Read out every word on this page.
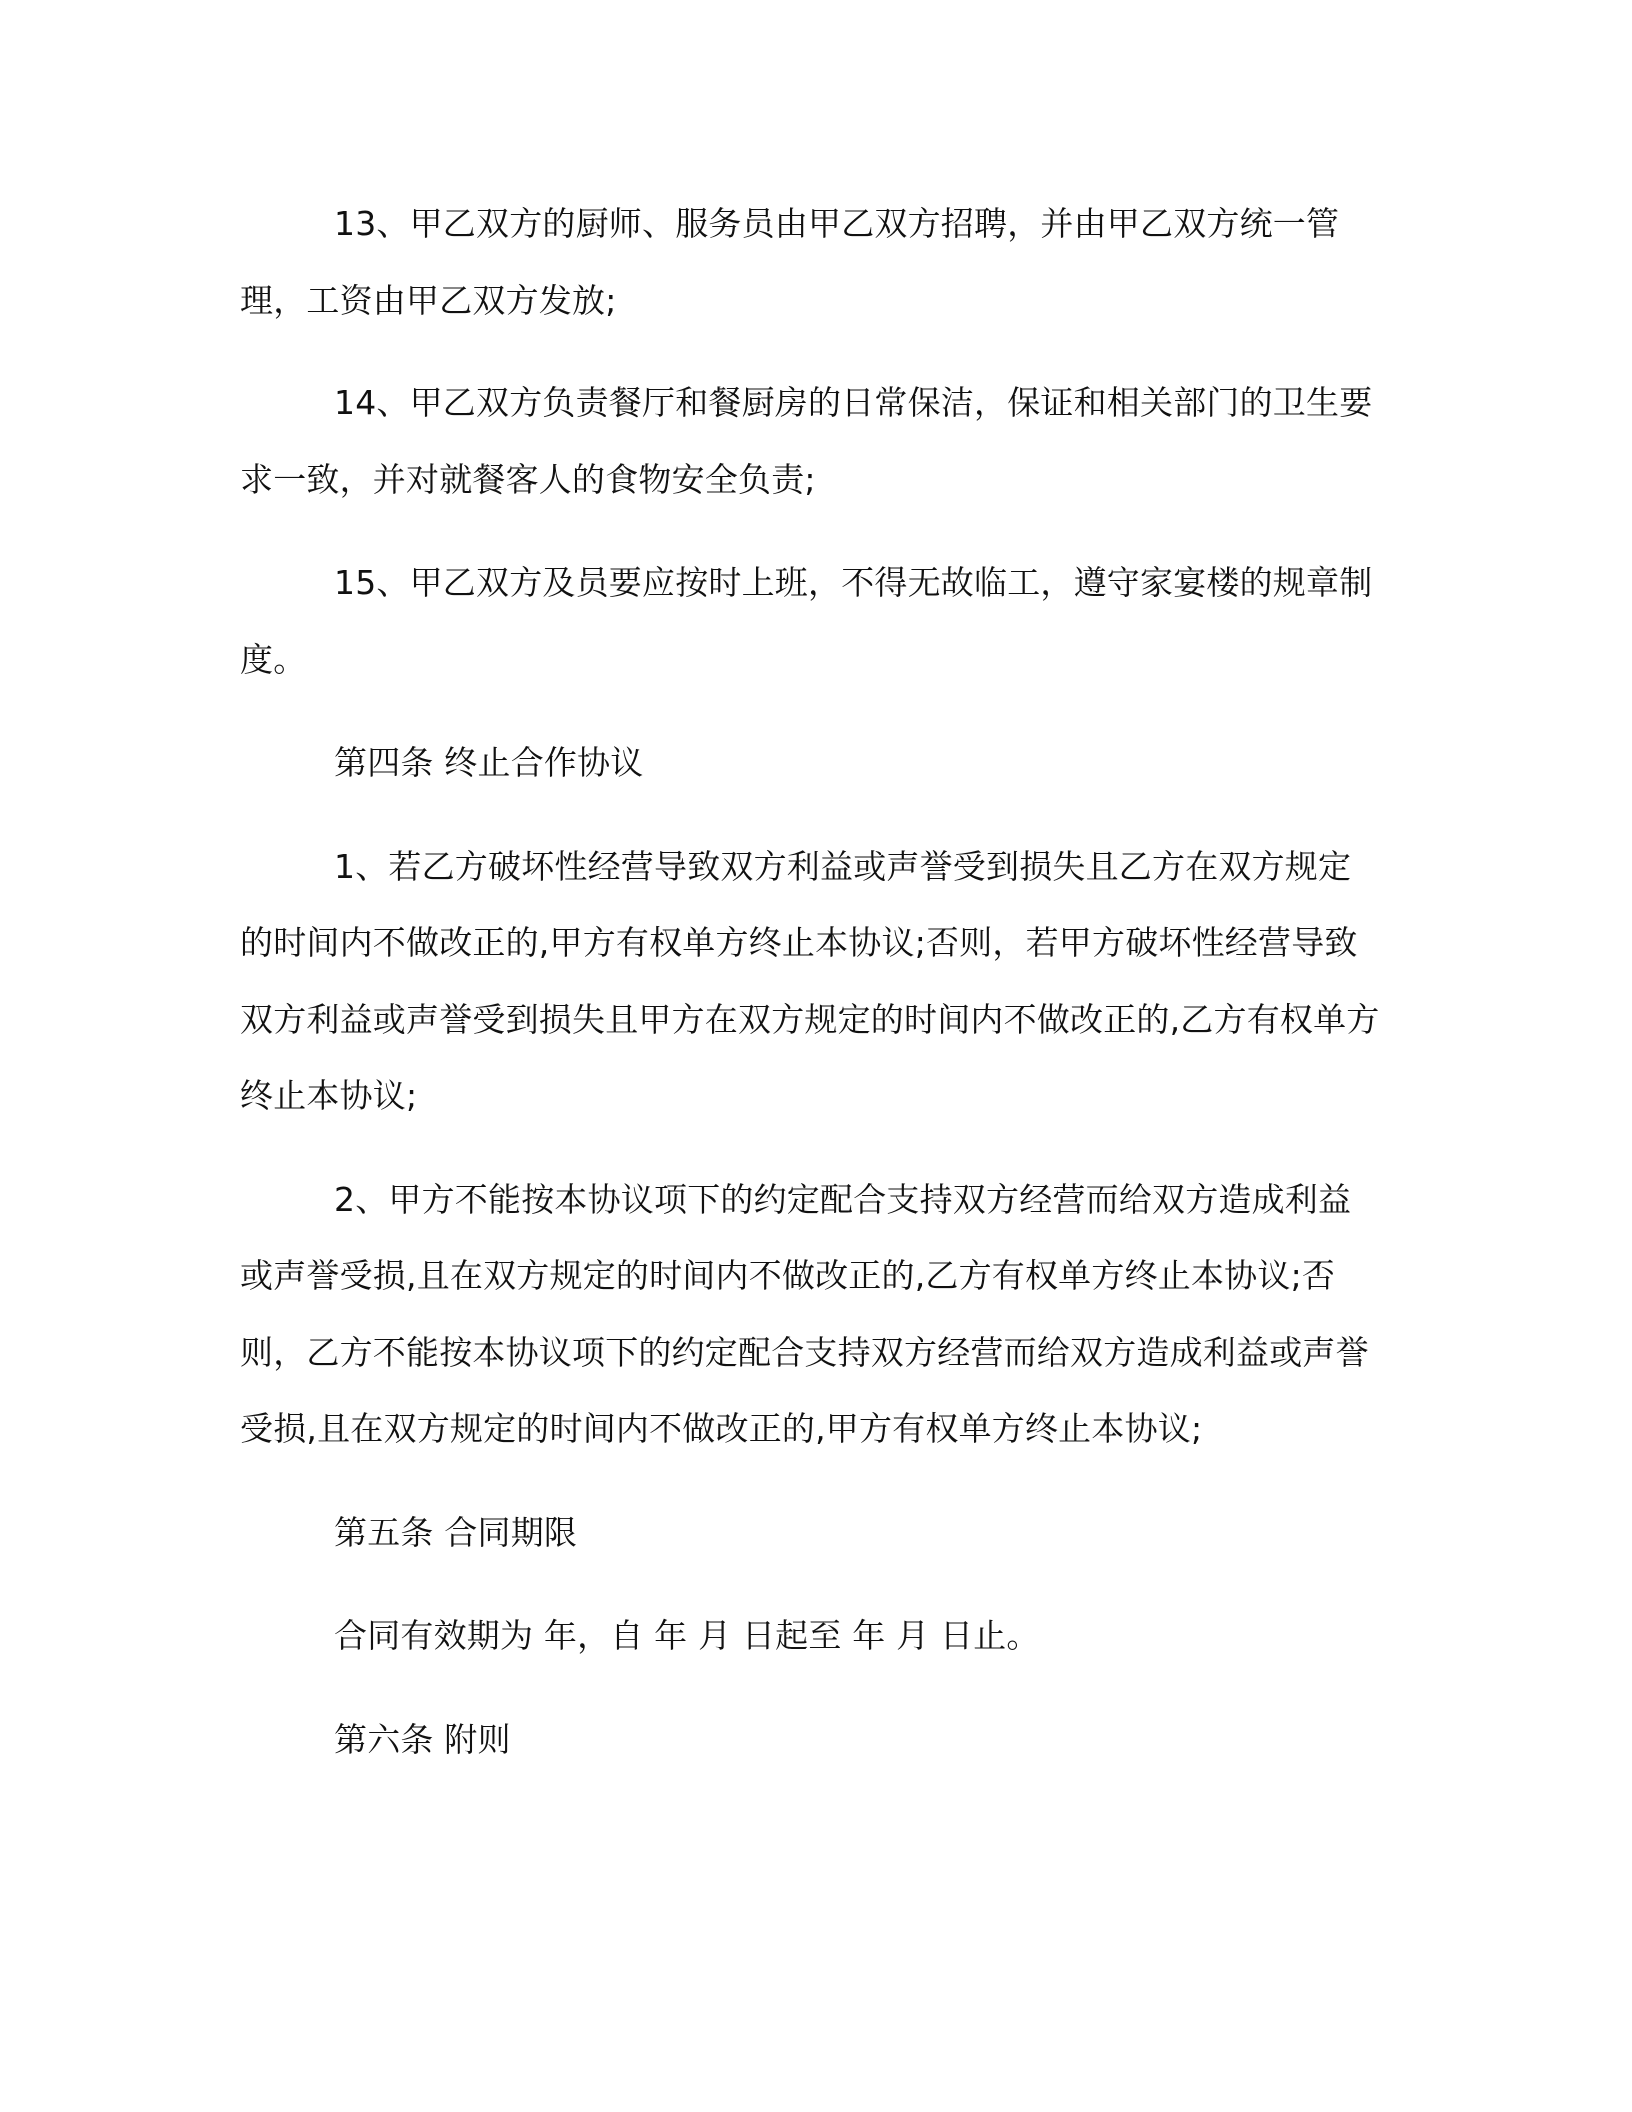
13、甲乙双方的厨师、服务员由甲乙双方招聘，并由甲乙双方统一管理，工资由甲乙双方发放;

14、甲乙双方负责餐厅和餐厨房的日常保洁，保证和相关部门的卫生要求一致，并对就餐客人的食物安全负责;

15、甲乙双方及员要应按时上班，不得无故临工，遵守家宴楼的规章制度。

第四条 终止合作协议

1、若乙方破坏性经营导致双方利益或声誉受到损失且乙方在双方规定的时间内不做改正的,甲方有权单方终止本协议;否则，若甲方破坏性经营导致双方利益或声誉受到损失且甲方在双方规定的时间内不做改正的,乙方有权单方终止本协议;

2、甲方不能按本协议项下的约定配合支持双方经营而给双方造成利益或声誉受损,且在双方规定的时间内不做改正的,乙方有权单方终止本协议;否则，乙方不能按本协议项下的约定配合支持双方经营而给双方造成利益或声誉受损,且在双方规定的时间内不做改正的,甲方有权单方终止本协议;

第五条 合同期限

合同有效期为 年，自 年 月 日起至 年 月 日止。

第六条 附则
